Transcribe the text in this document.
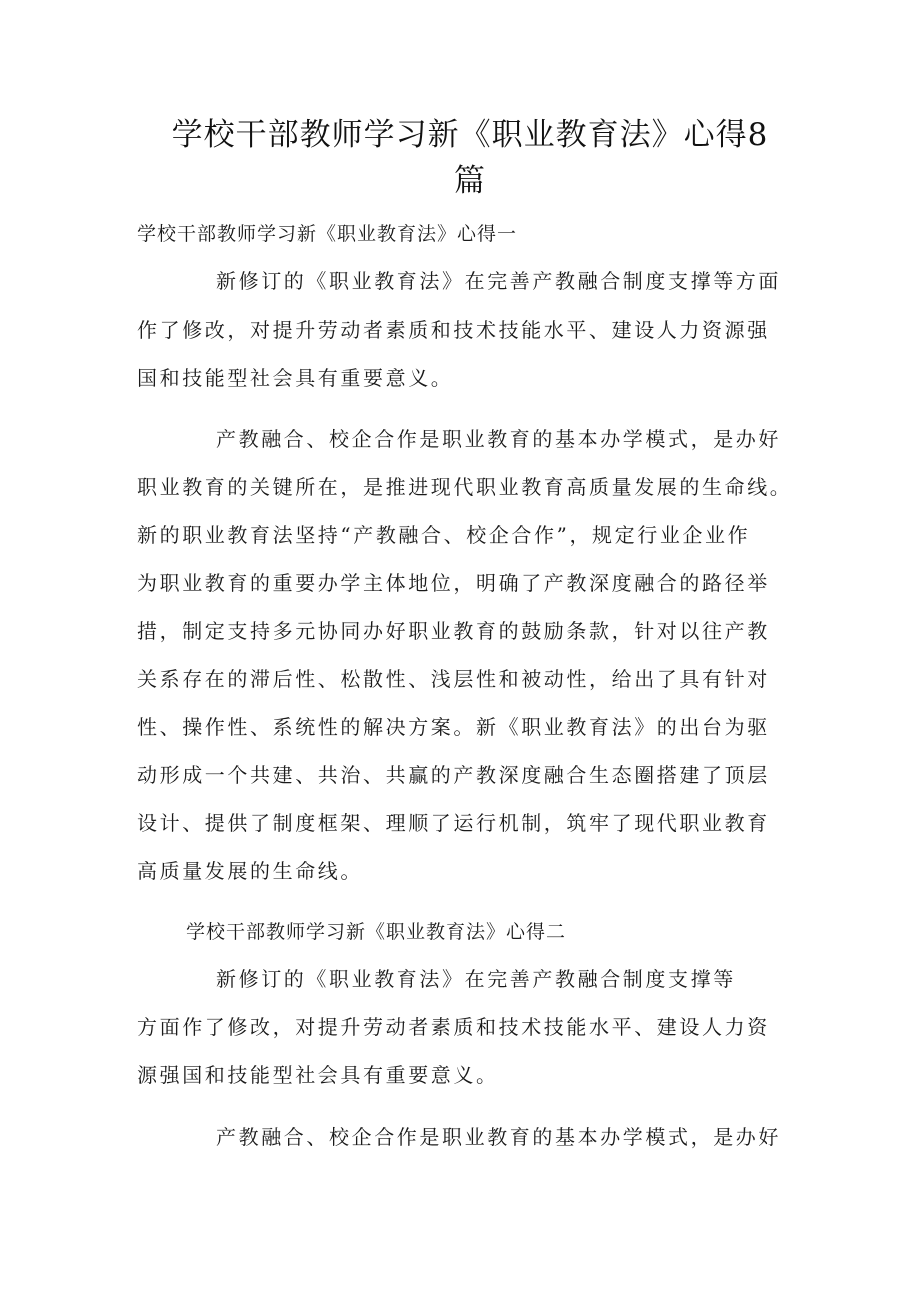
学校干部教师学习新《职业教育法》心得8
篇
学校干部教师学习新《职业教育法》心得一
新修订的《职业教育法》在完善产教融合制度支撑等方面
作了修改，对提升劳动者素质和技术技能水平、建设人力资源强
国和技能型社会具有重要意义。
产教融合、校企合作是职业教育的基本办学模式，是办好
职业教育的关键所在，是推进现代职业教育高质量发展的生命线。
新的职业教育法坚持“产教融合、校企合作”，规定行业企业作
为职业教育的重要办学主体地位，明确了产教深度融合的路径举
措，制定支持多元协同办好职业教育的鼓励条款，针对以往产教
关系存在的滞后性、松散性、浅层性和被动性，给出了具有针对
性、操作性、系统性的解决方案。新《职业教育法》的出台为驱
动形成一个共建、共治、共赢的产教深度融合生态圈搭建了顶层
设计、提供了制度框架、理顺了运行机制，筑牢了现代职业教育
高质量发展的生命线。
学校干部教师学习新《职业教育法》心得二
新修订的《职业教育法》在完善产教融合制度支撑等
方面作了修改，对提升劳动者素质和技术技能水平、建设人力资
源强国和技能型社会具有重要意义。
产教融合、校企合作是职业教育的基本办学模式，是办好
